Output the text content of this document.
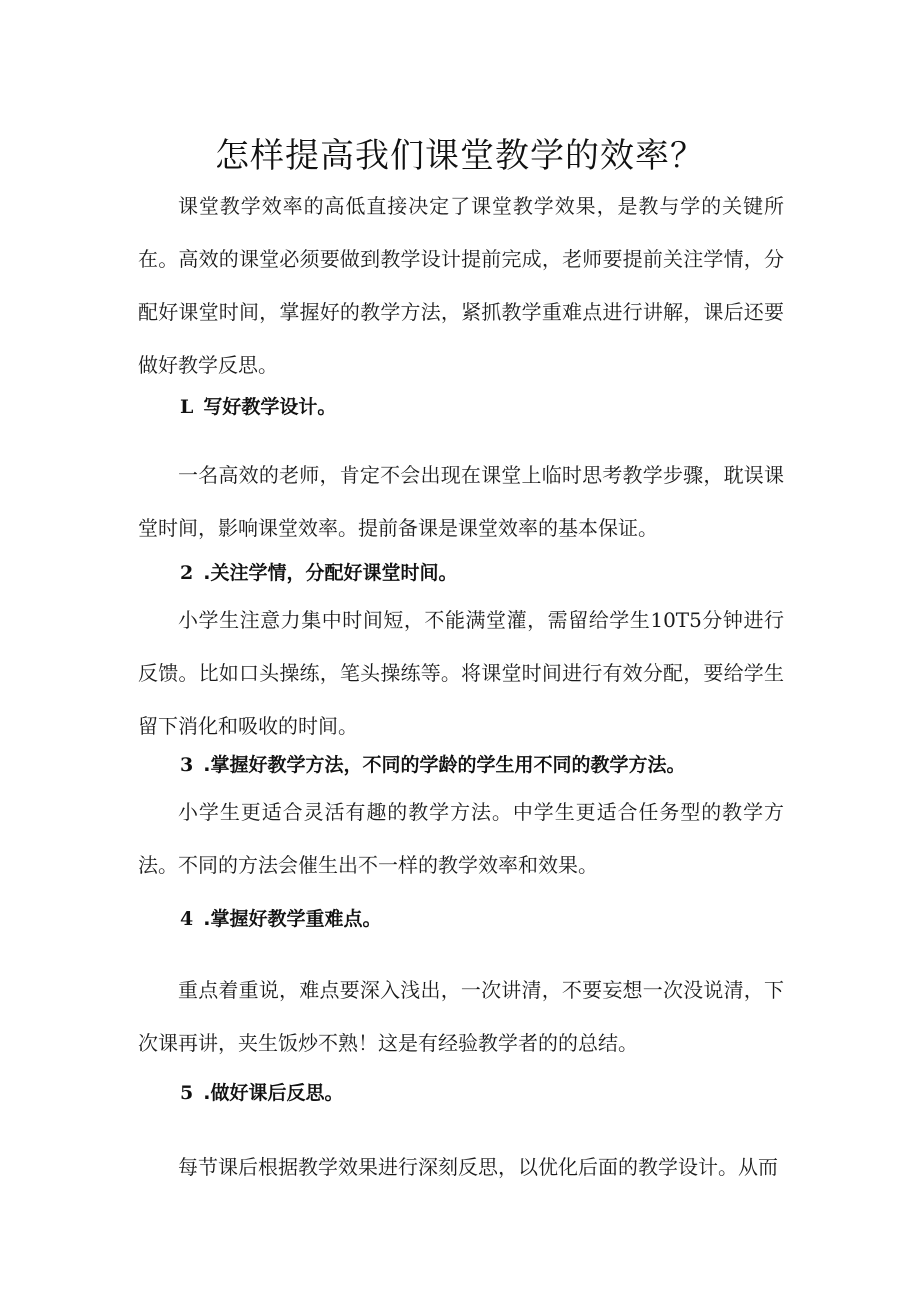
怎样提高我们课堂教学的效率？

课堂教学效率的高低直接决定了课堂教学效果，是教与学的关键所在。高效的课堂必须要做到教学设计提前完成，老师要提前关注学情，分配好课堂时间，掌握好的教学方法，紧抓教学重难点进行讲解，课后还要做好教学反思。

L 写好教学设计。

一名高效的老师，肯定不会出现在课堂上临时思考教学步骤，耽误课堂时间，影响课堂效率。提前备课是课堂效率的基本保证。

2 .关注学情，分配好课堂时间。

小学生注意力集中时间短，不能满堂灌，需留给学生10T5分钟进行反馈。比如口头操练，笔头操练等。将课堂时间进行有效分配，要给学生留下消化和吸收的时间。

3 .掌握好教学方法，不同的学龄的学生用不同的教学方法。

小学生更适合灵活有趣的教学方法。中学生更适合任务型的教学方法。不同的方法会催生出不一样的教学效率和效果。

4 .掌握好教学重难点。

重点着重说，难点要深入浅出，一次讲清，不要妄想一次没说清，下次课再讲，夹生饭炒不熟！这是有经验教学者的的总结。

5 .做好课后反思。

每节课后根据教学效果进行深刻反思，以优化后面的教学设计。从而
